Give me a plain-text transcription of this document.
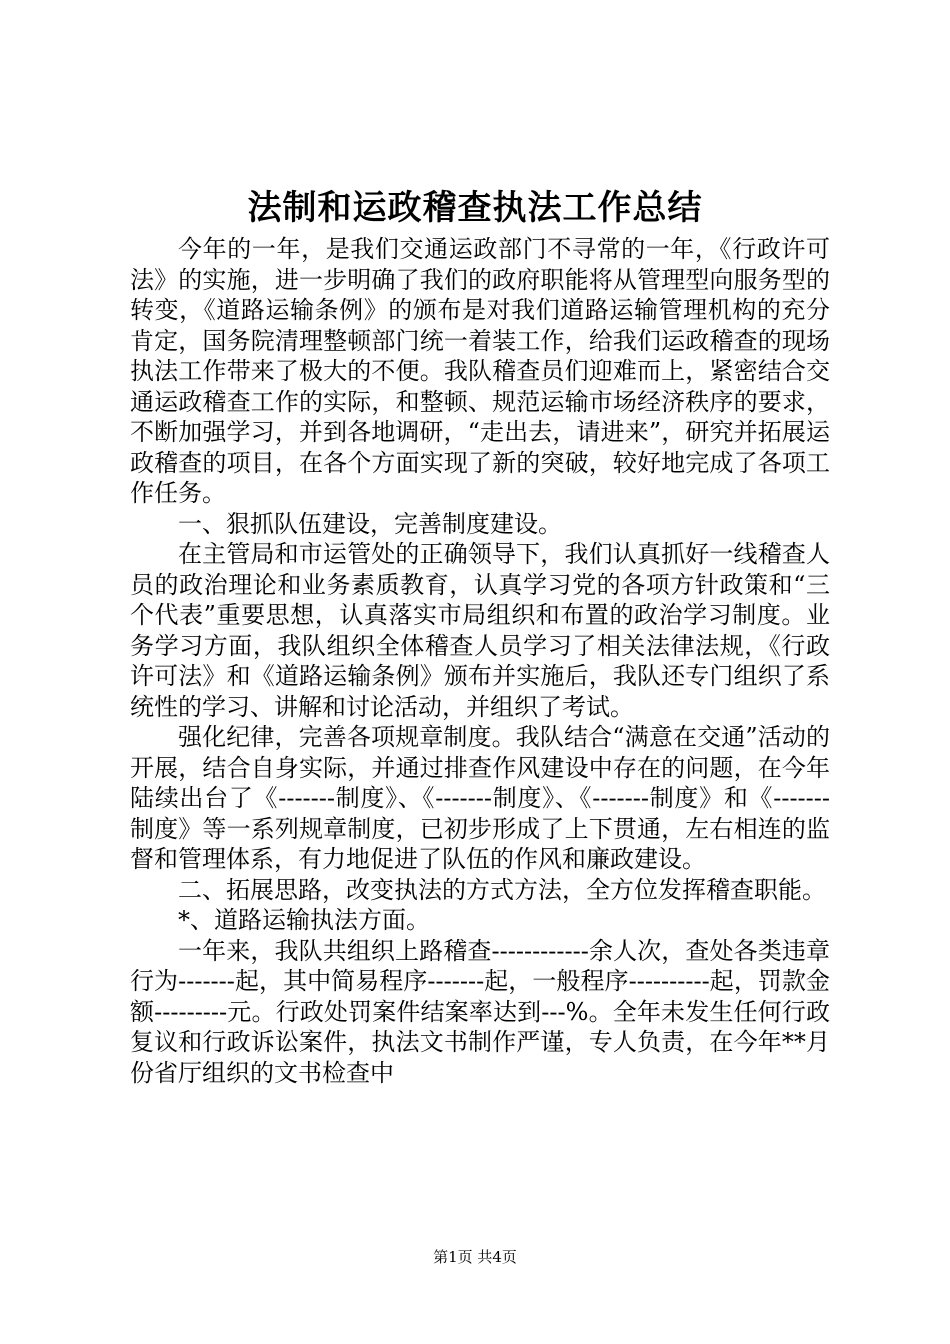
法制和运政稽查执法工作总结

今年的一年，是我们交通运政部门不寻常的一年，《行政许可法》的实施，进一步明确了我们的政府职能将从管理型向服务型的转变，《道路运输条例》的颁布是对我们道路运输管理机构的充分肯定，国务院清理整顿部门统一着装工作，给我们运政稽查的现场执法工作带来了极大的不便。我队稽查员们迎难而上，紧密结合交通运政稽查工作的实际，和整顿、规范运输市场经济秩序的要求，不断加强学习，并到各地调研，“走出去，请进来”，研究并拓展运政稽查的项目，在各个方面实现了新的突破，较好地完成了各项工作任务。

一、狠抓队伍建设，完善制度建设。

在主管局和市运管处的正确领导下，我们认真抓好一线稽查人员的政治理论和业务素质教育，认真学习党的各项方针政策和“三个代表”重要思想，认真落实市局组织和布置的政治学习制度。业务学习方面，我队组织全体稽查人员学习了相关法律法规，《行政许可法》和《道路运输条例》颁布并实施后，我队还专门组织了系统性的学习、讲解和讨论活动，并组织了考试。

强化纪律，完善各项规章制度。我队结合“满意在交通”活动的开展，结合自身实际，并通过排查作风建设中存在的问题，在今年陆续出台了《-------制度》、《-------制度》、《-------制度》和《-------制度》等一系列规章制度，已初步形成了上下贯通，左右相连的监督和管理体系，有力地促进了队伍的作风和廉政建设。

二、拓展思路，改变执法的方式方法，全方位发挥稽查职能。

*、道路运输执法方面。

一年来，我队共组织上路稽查------------余人次，查处各类违章行为-------起，其中简易程序-------起，一般程序----------起，罚款金额---------元。行政处罚案件结案率达到---%。全年未发生任何行政复议和行政诉讼案件，执法文书制作严谨，专人负责，在今年**月份省厅组织的文书检查中

第1页 共4页
